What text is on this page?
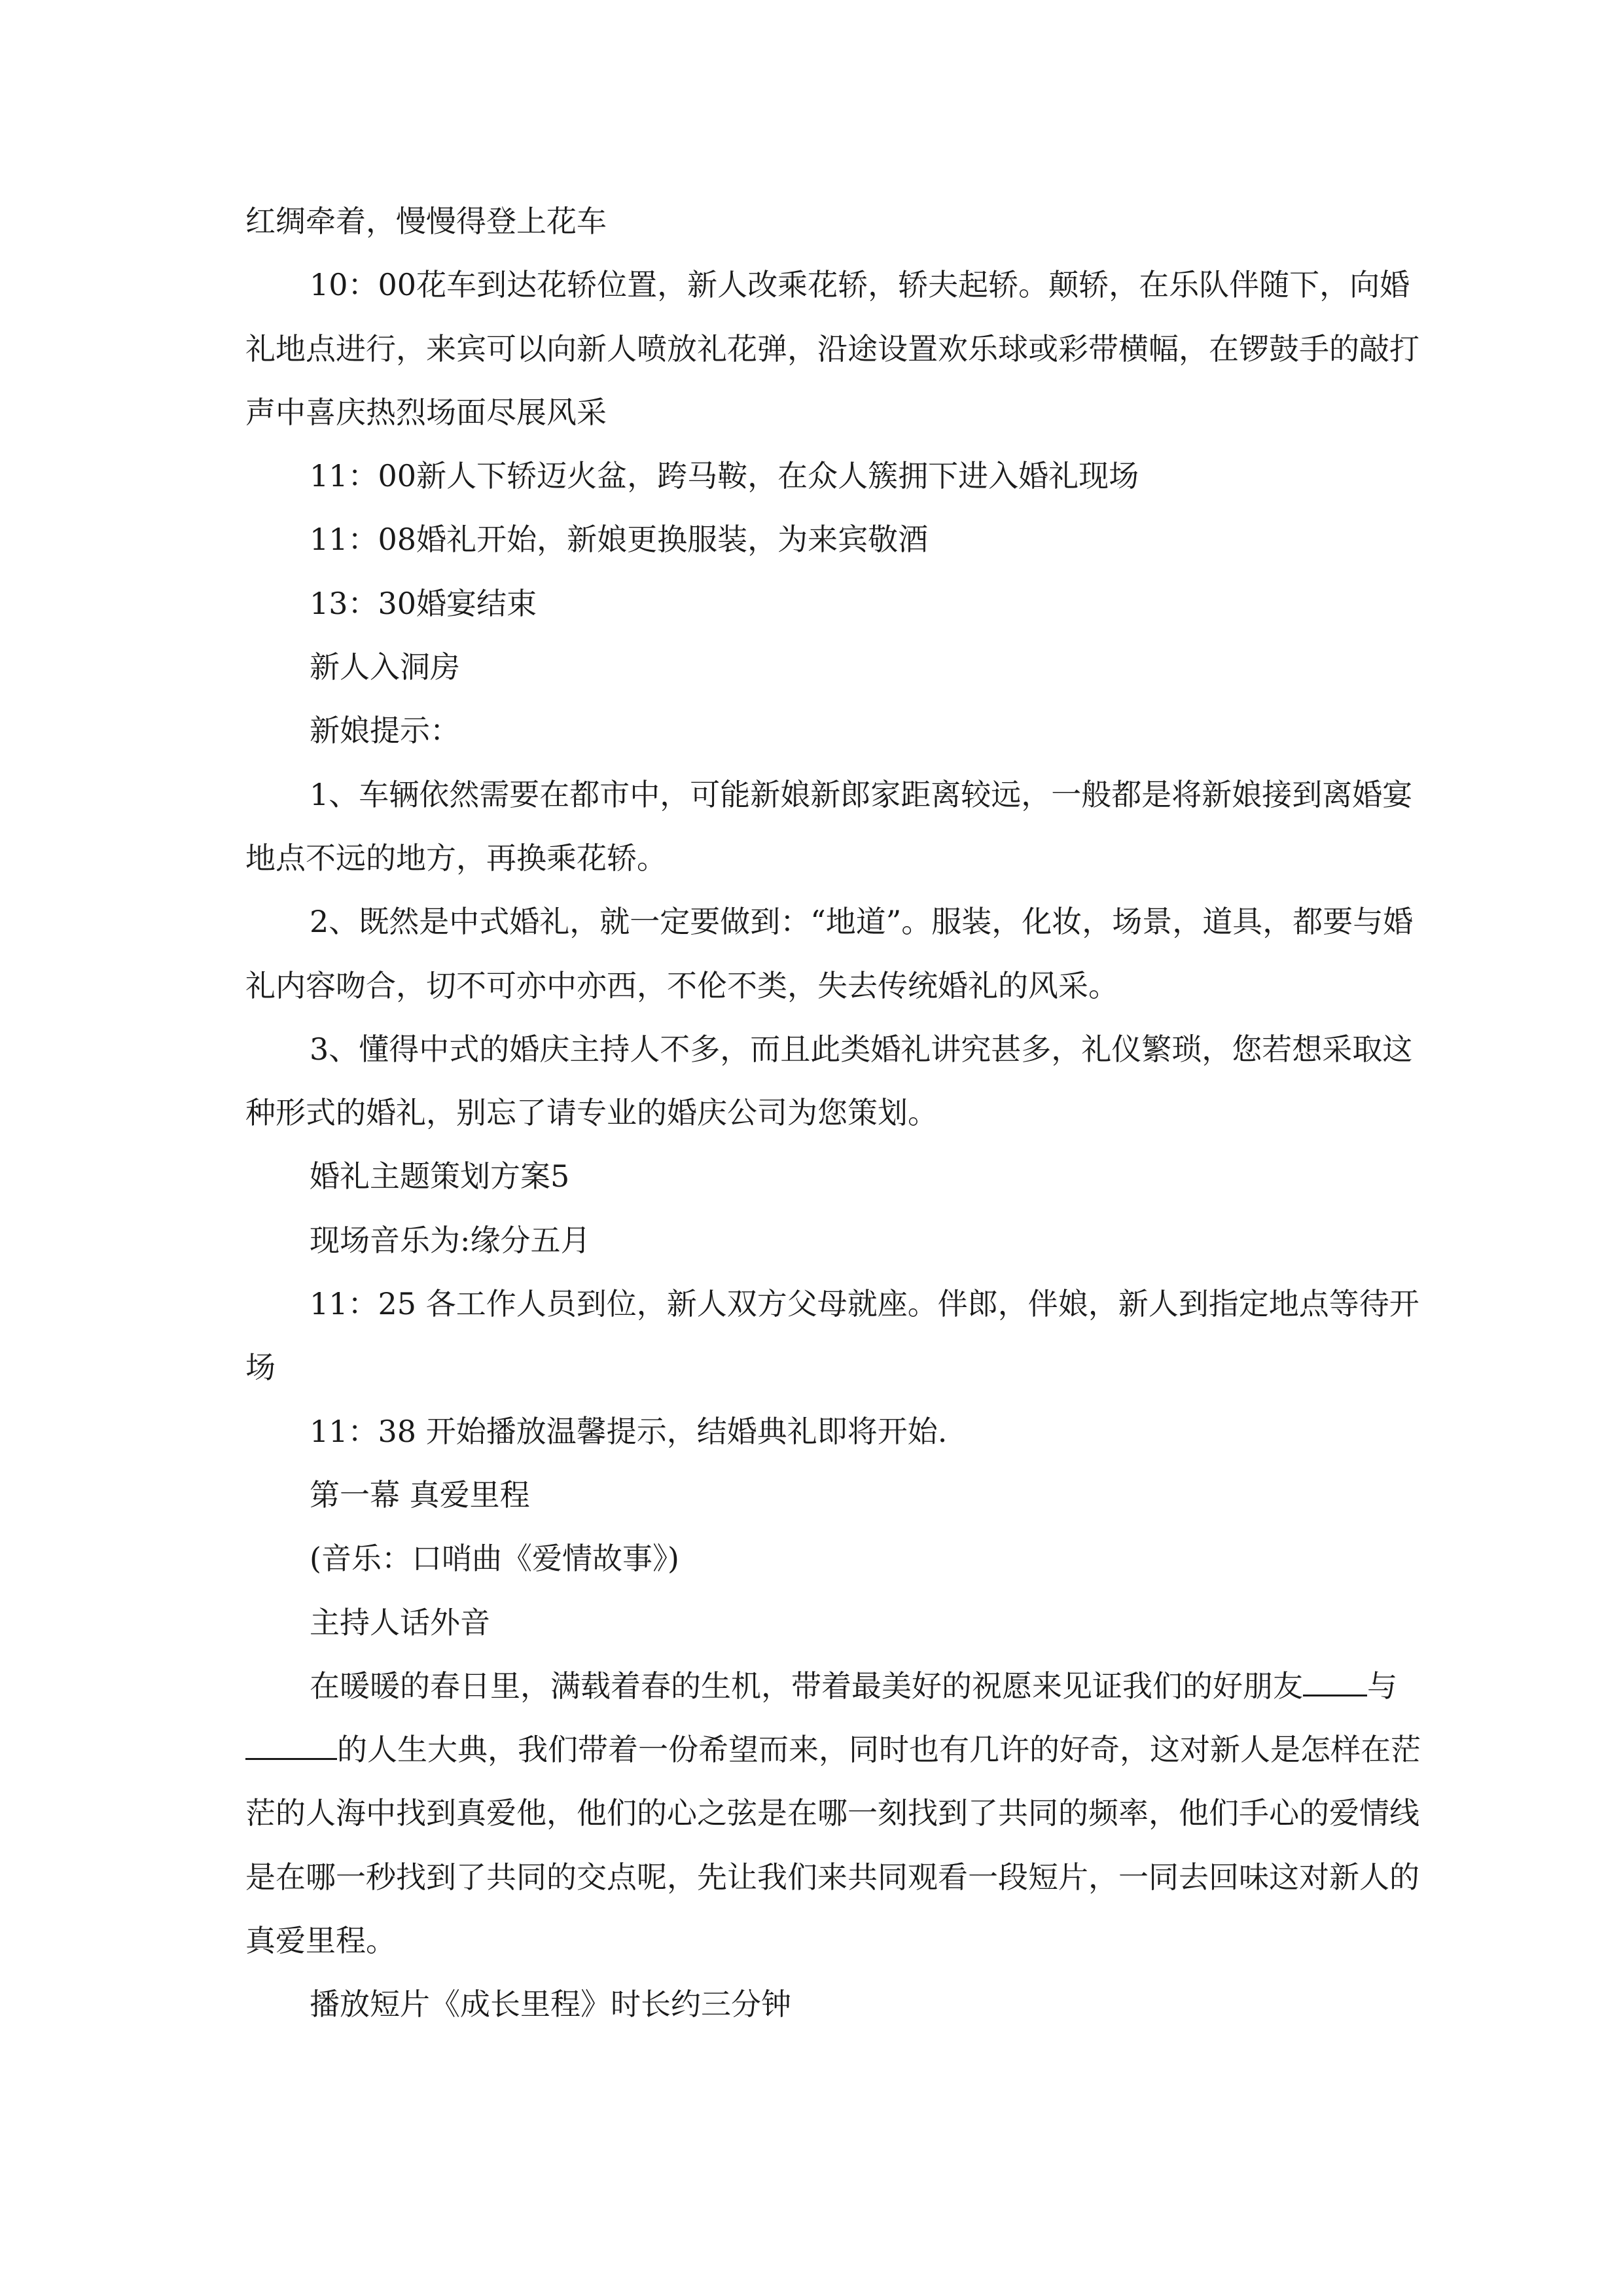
红绸牵着，慢慢得登上花车

10：00花车到达花轿位置，新人改乘花轿，轿夫起轿。颠轿，在乐队伴随下，向婚礼地点进行，来宾可以向新人喷放礼花弹，沿途设置欢乐球或彩带横幅，在锣鼓手的敲打声中喜庆热烈场面尽展风采

11：00新人下轿迈火盆，跨马鞍，在众人簇拥下进入婚礼现场

11：08婚礼开始，新娘更换服装，为来宾敬酒

13：30婚宴结束

新人入洞房

新娘提示：

1、车辆依然需要在都市中，可能新娘新郎家距离较远，一般都是将新娘接到离婚宴地点不远的地方，再换乘花轿。

2、既然是中式婚礼，就一定要做到：“地道”。服装，化妆，场景，道具，都要与婚礼内容吻合，切不可亦中亦西，不伦不类，失去传统婚礼的风采。

3、懂得中式的婚庆主持人不多，而且此类婚礼讲究甚多，礼仪繁琐，您若想采取这种形式的婚礼，别忘了请专业的婚庆公司为您策划。

婚礼主题策划方案5

现场音乐为:缘分五月

11：25 各工作人员到位，新人双方父母就座。伴郎，伴娘，新人到指定地点等待开场

11：38 开始播放温馨提示，结婚典礼即将开始.

第一幕 真爱里程

(音乐：口哨曲《爱情故事》)

主持人话外音

在暖暖的春日里，满载着春的生机，带着最美好的祝愿来见证我们的好朋友 与的人生大典，我们带着一份希望而来，同时也有几许的好奇，这对新人是怎样在茫茫的人海中找到真爱他，他们的心之弦是在哪一刻找到了共同的频率，他们手心的爱情线是在哪一秒找到了共同的交点呢，先让我们来共同观看一段短片，一同去回味这对新人的真爱里程。

播放短片《成长里程》时长约三分钟
